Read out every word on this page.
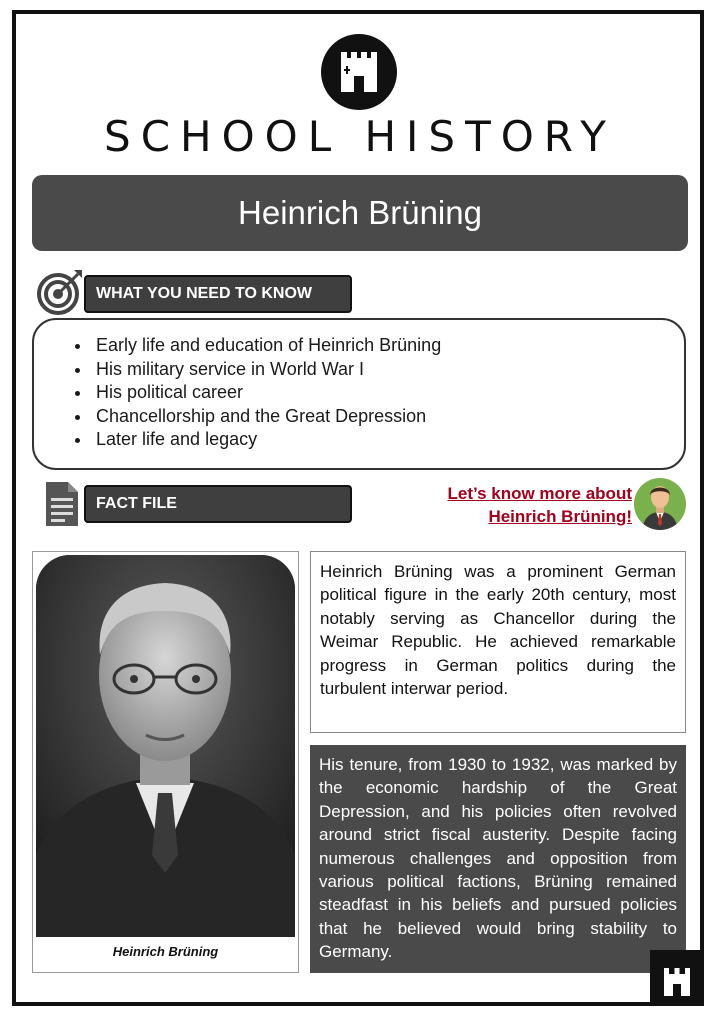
SCHOOL HISTORY
Heinrich Brüning
WHAT YOU NEED TO KNOW
• Early life and education of Heinrich Brüning
• His military service in World War I
• His political career
• Chancellorship and the Great Depression
• Later life and legacy
FACT FILE
Let’s know more about
Heinrich Brüning!
Heinrich Brüning
Heinrich Brüning was a prominent German political figure in the early 20th century, most notably serving as Chancellor during the Weimar Republic. He achieved remarkable progress in German politics during the turbulent interwar period.
His tenure, from 1930 to 1932, was marked by the economic hardship of the Great Depression, and his policies often revolved around strict fiscal austerity. Despite facing numerous challenges and opposition from various political factions, Brüning remained steadfast in his beliefs and pursued policies that he believed would bring stability to Germany.
